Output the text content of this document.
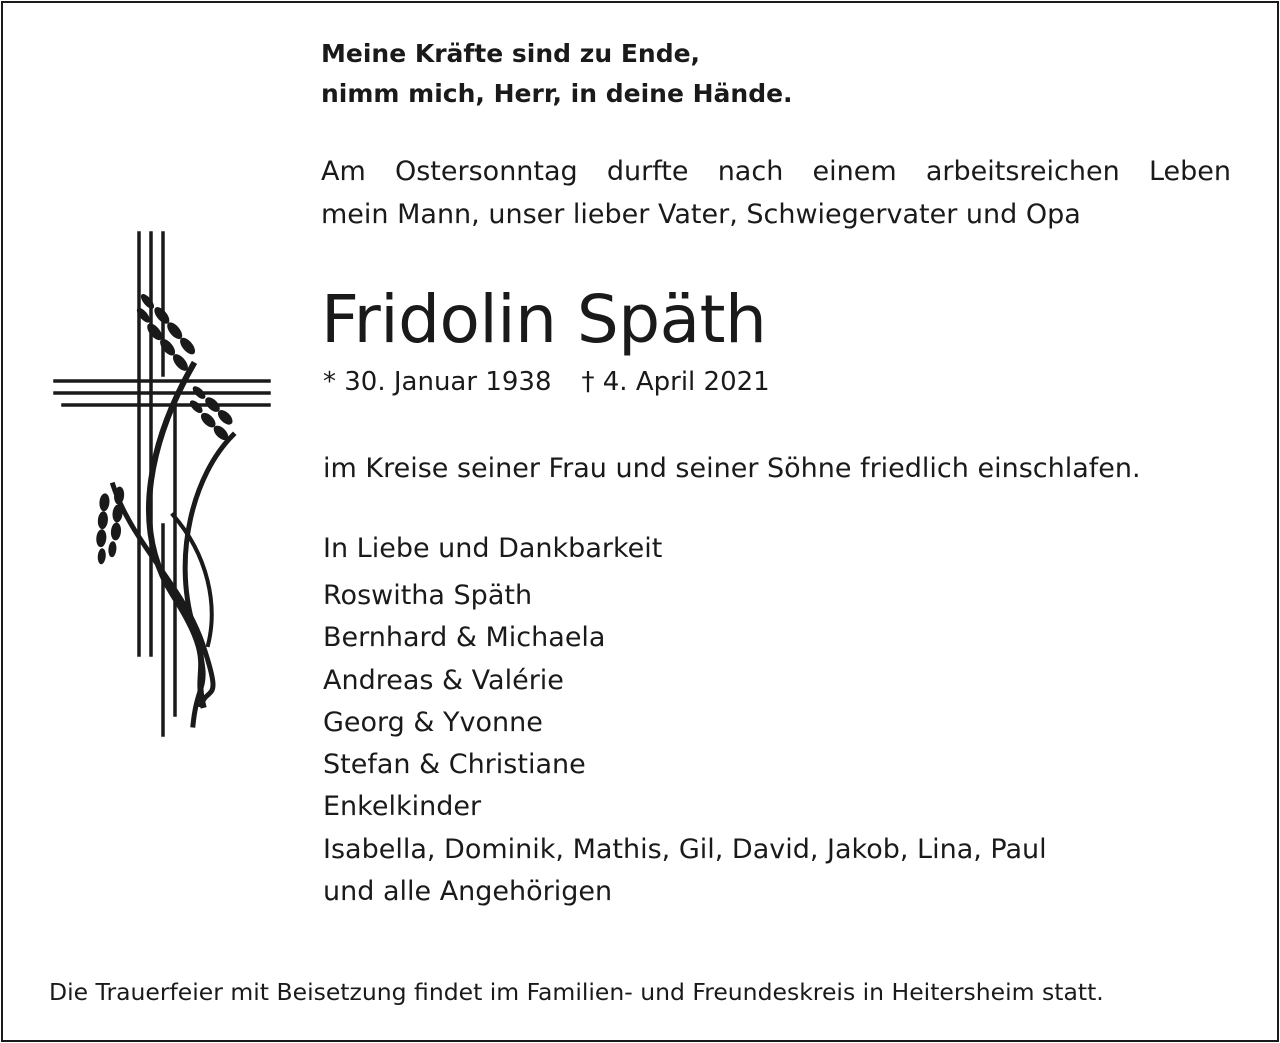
Meine Kräfte sind zu Ende,
nimm mich, Herr, in deine Hände.
Am Ostersonntag durfte nach einem arbeitsreichen Leben
mein Mann, unser lieber Vater, Schwiegervater und Opa
Fridolin Späth
* 30. Januar 1938 † 4. April 2021
im Kreise seiner Frau und seiner Söhne friedlich einschlafen.
In Liebe und Dankbarkeit
Roswitha Späth
Bernhard & Michaela
Andreas & Valérie
Georg & Yvonne
Stefan & Christiane
Enkelkinder
Isabella, Dominik, Mathis, Gil, David, Jakob, Lina, Paul
und alle Angehörigen
Die Trauerfeier mit Beisetzung findet im Familien- und Freundeskreis in Heitersheim statt.
